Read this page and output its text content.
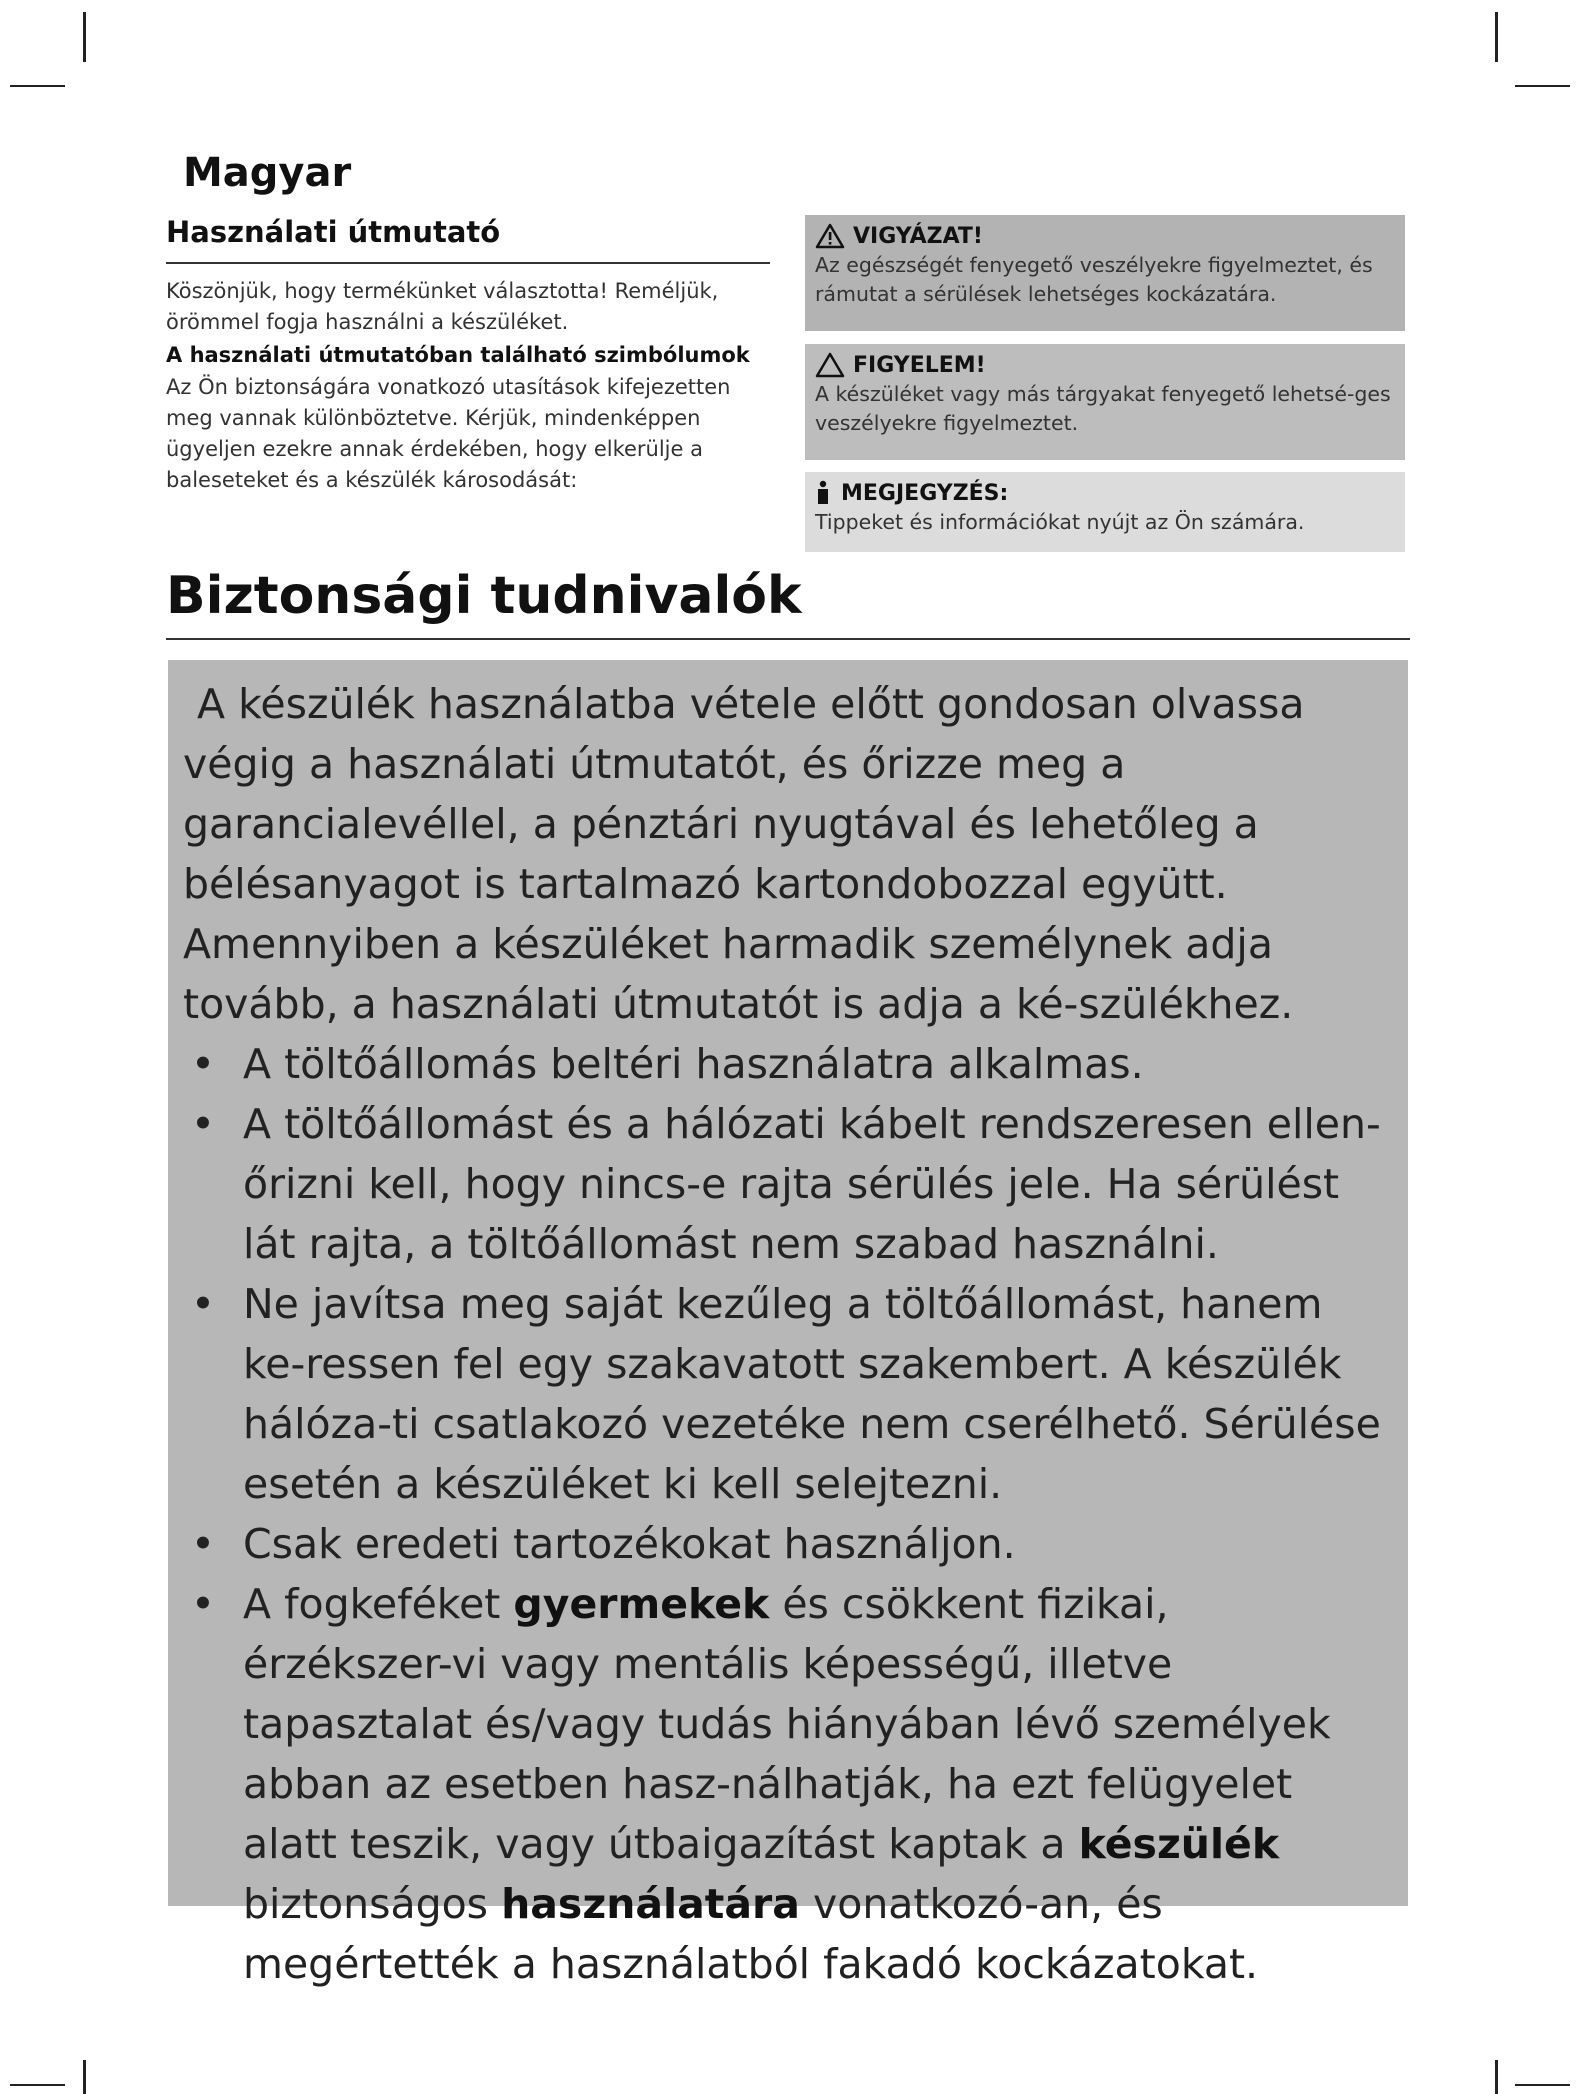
Magyar
Használati útmutató

Köszönjük, hogy termékünket választotta! Reméljük, örömmel fogja használni a készüléket.

A használati útmutatóban található szimbólumok

Az Ön biztonságára vonatkozó utasítások kifejezetten meg vannak különböztetve. Kérjük, mindenképpen ügyeljen ezekre annak érdekében, hogy elkerülje a baleseteket és a készülék károsodását:

VIGYÁZAT!
Az egészségét fenyegető veszélyekre figyelmeztet, és rámutat a sérülések lehetséges kockázatára.
FIGYELEM!
A készüléket vagy más tárgyakat fenyegető lehetsé-ges veszélyekre figyelmeztet.
MEGJEGYZÉS:
Tippeket és információkat nyújt az Ön számára.
Biztonsági tudnivalók

A készülék használatba vétele előtt gondosan olvassa végig a használati útmutatót, és őrizze meg a garancialevéllel, a pénztári nyugtával és lehetőleg a bélésanyagot is tartalmazó kartondobozzal együtt. Amennyiben a készüléket harmadik személynek adja tovább, a használati útmutatót is adja a ké-szülékhez.

• A töltőállomás beltéri használatra alkalmas.
• A töltőállomást és a hálózati kábelt rendszeresen ellen-őrizni kell, hogy nincs-e rajta sérülés jele. Ha sérülést lát rajta, a töltőállomást nem szabad használni.
• Ne javítsa meg saját kezűleg a töltőállomást, hanem ke-ressen fel egy szakavatott szakembert. A készülék hálóza-ti csatlakozó vezetéke nem cserélhető. Sérülése esetén a készüléket ki kell selejtezni.
• Csak eredeti tartozékokat használjon.
• A fogkeféket gyermekek és csökkent fizikai, érzékszer-vi vagy mentális képességű, illetve tapasztalat és/vagy tudás hiányában lévő személyek abban az esetben hasz-nálhatják, ha ezt felügyelet alatt teszik, vagy útbaigazítást kaptak a készülék biztonságos használatára vonatkozó-an, és megértették a használatból fakadó kockázatokat.
